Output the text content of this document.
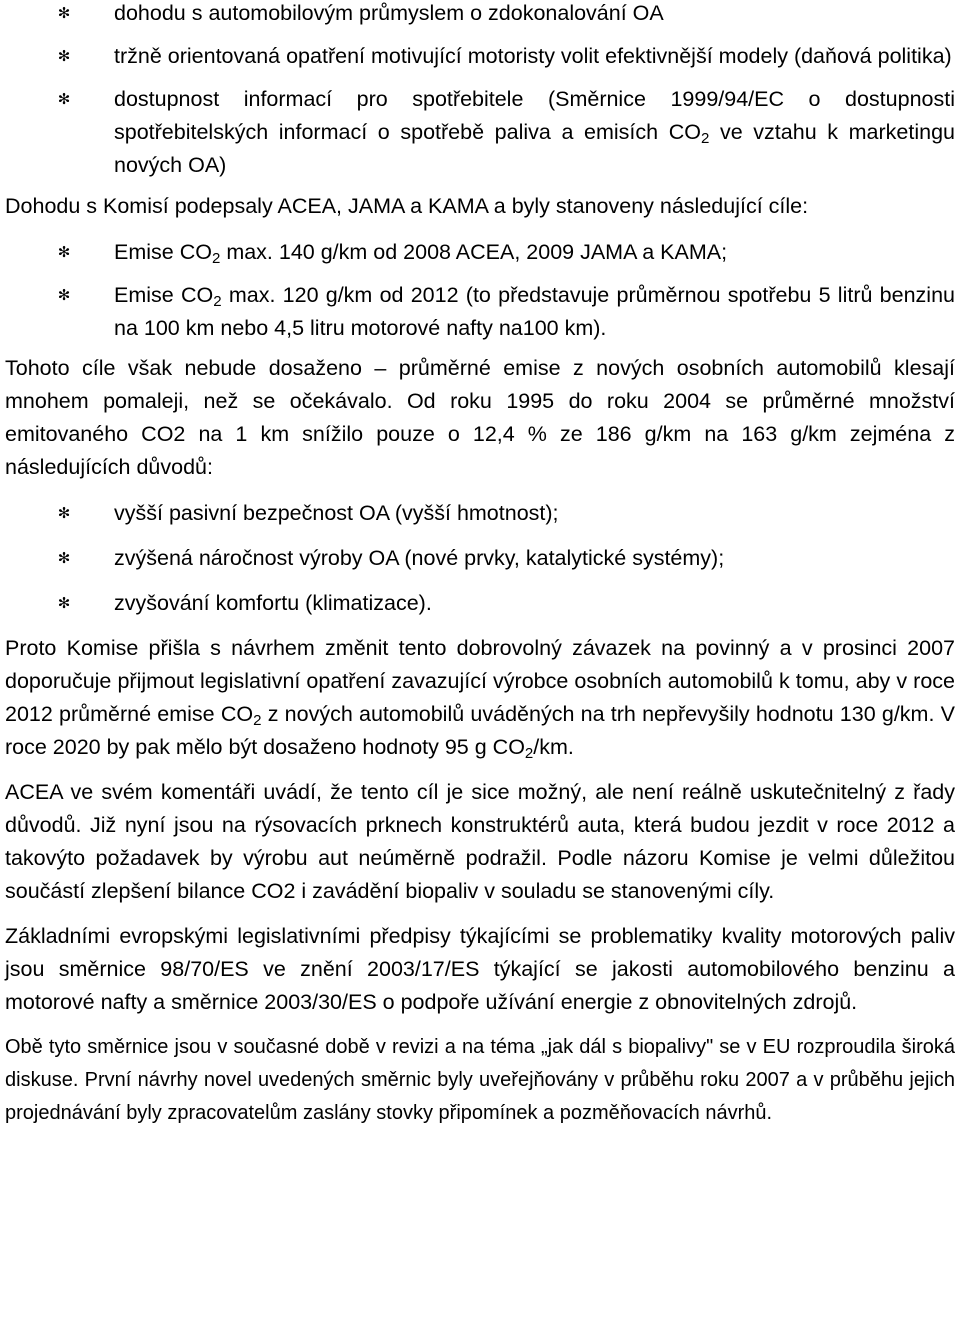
✻ dohodu s automobilovým průmyslem o zdokonalování OA
✻ tržně orientovaná opatření motivující motoristy volit efektivnější modely (daňová politika)
✻ dostupnost informací pro spotřebitele (Směrnice 1999/94/EC o dostupnosti spotřebitelských informací o spotřebě paliva a emisích $CO_2$ ve vztahu k marketingu nových OA)

Dohodu s Komisí podepsaly ACEA, JAMA a KAMA a byly stanoveny následující cíle:

✻ Emise $CO_2$ max. 140 g/km od 2008 ACEA, 2009 JAMA a KAMA;
✻ Emise $CO_2$ max. 120 g/km od 2012 (to představuje průměrnou spotřebu 5 litrů benzinu na 100 km nebo 4,5 litru motorové nafty na100 km).

Tohoto cíle však nebude dosaženo – průměrné emise z nových osobních automobilů klesají mnohem pomaleji, než se očekávalo. Od roku 1995 do roku 2004 se průměrné množství emitovaného CO2 na 1 km snížilo pouze o 12,4 % ze 186 g/km na 163 g/km zejména z následujících důvodů:

✻ vyšší pasivní bezpečnost OA (vyšší hmotnost);
✻ zvýšená náročnost výroby OA (nové prvky, katalytické systémy);
✻ zvyšování komfortu (klimatizace).

Proto Komise přišla s návrhem změnit tento dobrovolný závazek na povinný a v prosinci 2007 doporučuje přijmout legislativní opatření zavazující výrobce osobních automobilů k tomu, aby v roce 2012 průměrné emise $CO_2$ z nových automobilů uváděných na trh nepřevyšily hodnotu 130 g/km. V roce 2020 by pak mělo být dosaženo hodnoty 95 g $CO_2/km$.

ACEA ve svém komentáři uvádí, že tento cíl je sice možný, ale není reálně uskutečnitelný z řady důvodů. Již nyní jsou na rýsovacích prknech konstruktérů auta, která budou jezdit v roce 2012 a takovýto požadavek by výrobu aut neúměrně podražil. Podle názoru Komise je velmi důležitou součástí zlepšení bilance CO2 i zavádění biopaliv v souladu se stanovenými cíly.

Základními evropskými legislativními předpisy týkajícími se problematiky kvality motorových paliv jsou směrnice 98/70/ES ve znění 2003/17/ES týkající se jakosti automobilového benzinu a motorové nafty a směrnice 2003/30/ES o podpoře užívání energie z obnovitelných zdrojů.

Obě tyto směrnice jsou v současné době v revizi a na téma „jak dál s biopalivy" se v EU rozproudila široká diskuse. První návrhy novel uvedených směrnic byly uveřejňovány v průběhu roku 2007 a v průběhu jejich projednávání byly zpracovatelům zaslány stovky připomínek a pozměňovacích návrhů.
